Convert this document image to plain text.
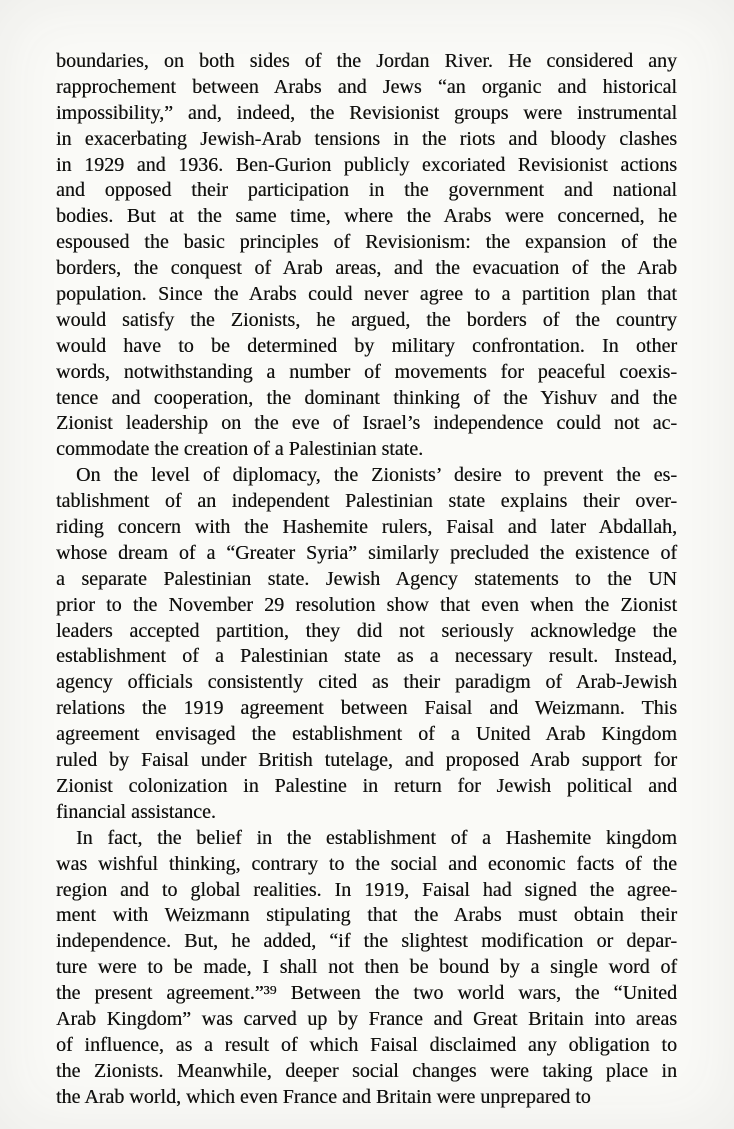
boundaries, on both sides of the Jordan River. He considered any
rapprochement between Arabs and Jews “an organic and historical
impossibility,” and, indeed, the Revisionist groups were instrumental
in exacerbating Jewish-Arab tensions in the riots and bloody clashes
in 1929 and 1936. Ben-Gurion publicly excoriated Revisionist actions
and opposed their participation in the government and national
bodies. But at the same time, where the Arabs were concerned, he
espoused the basic principles of Revisionism: the expansion of the
borders, the conquest of Arab areas, and the evacuation of the Arab
population. Since the Arabs could never agree to a partition plan that
would satisfy the Zionists, he argued, the borders of the country
would have to be determined by military confrontation. In other
words, notwithstanding a number of movements for peaceful coexis-
tence and cooperation, the dominant thinking of the Yishuv and the
Zionist leadership on the eve of Israel’s independence could not ac-
commodate the creation of a Palestinian state.
On the level of diplomacy, the Zionists’ desire to prevent the es-
tablishment of an independent Palestinian state explains their over-
riding concern with the Hashemite rulers, Faisal and later Abdallah,
whose dream of a “Greater Syria” similarly precluded the existence of
a separate Palestinian state. Jewish Agency statements to the UN
prior to the November 29 resolution show that even when the Zionist
leaders accepted partition, they did not seriously acknowledge the
establishment of a Palestinian state as a necessary result. Instead,
agency officials consistently cited as their paradigm of Arab-Jewish
relations the 1919 agreement between Faisal and Weizmann. This
agreement envisaged the establishment of a United Arab Kingdom
ruled by Faisal under British tutelage, and proposed Arab support for
Zionist colonization in Palestine in return for Jewish political and
financial assistance.
In fact, the belief in the establishment of a Hashemite kingdom
was wishful thinking, contrary to the social and economic facts of the
region and to global realities. In 1919, Faisal had signed the agree-
ment with Weizmann stipulating that the Arabs must obtain their
independence. But, he added, “if the slightest modification or depar-
ture were to be made, I shall not then be bound by a single word of
the present agreement.”³⁹ Between the two world wars, the “United
Arab Kingdom” was carved up by France and Great Britain into areas
of influence, as a result of which Faisal disclaimed any obligation to
the Zionists. Meanwhile, deeper social changes were taking place in
the Arab world, which even France and Britain were unprepared to
